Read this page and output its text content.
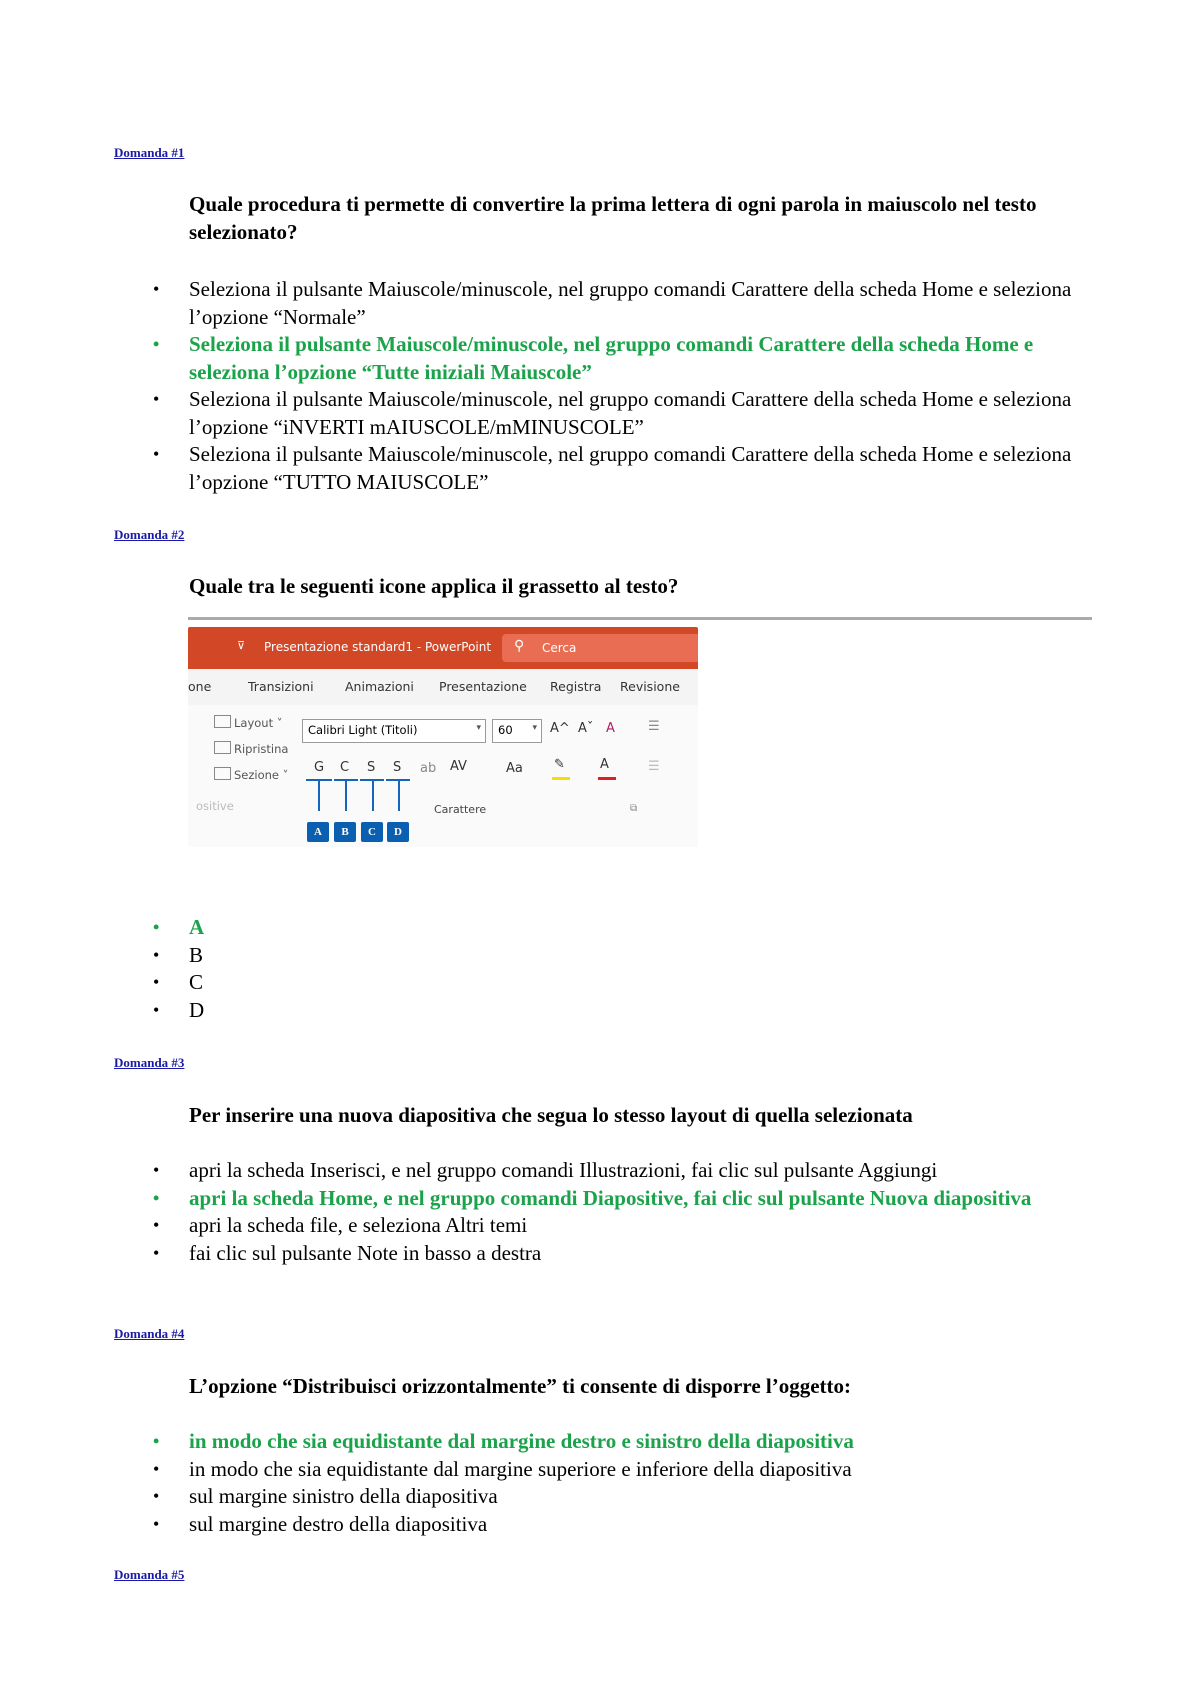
Domanda #1
Quale procedura ti permette di convertire la prima lettera di ogni parola in maiuscolo nel testo selezionato?
• Seleziona il pulsante Maiuscole/minuscole, nel gruppo comandi Carattere della scheda Home e seleziona l’opzione “Normale”
• Seleziona il pulsante Maiuscole/minuscole, nel gruppo comandi Carattere della scheda Home e seleziona l’opzione “Tutte iniziali Maiuscole”
• Seleziona il pulsante Maiuscole/minuscole, nel gruppo comandi Carattere della scheda Home e seleziona l’opzione “iNVERTI mAIUSCOLE/mMINUSCOLE”
• Seleziona il pulsante Maiuscole/minuscole, nel gruppo comandi Carattere della scheda Home e seleziona l’opzione “TUTTO MAIUSCOLE”
Domanda #2
Quale tra le seguenti icone applica il grassetto al testo?
⊽ Presentazione standard1 - PowerPoint ⚲ Cerca
one	Transizioni	Animazioni Presentazione Registra Revisione
Layout ˅
Ripristina
Sezione ˅
ositive
Calibri Light (Titoli)	▾ 60 ▾ A^ Aˇ A	☰
☰
G C S S ab AV	Aa ✎	A
Carattere	⧉
A	B	C	D
• A
• B
• C
• D
Domanda #3
Per inserire una nuova diapositiva che segua lo stesso layout di quella selezionata
• apri la scheda Inserisci, e nel gruppo comandi Illustrazioni, fai clic sul pulsante Aggiungi
• apri la scheda Home, e nel gruppo comandi Diapositive, fai clic sul pulsante Nuova diapositiva
• apri la scheda file, e seleziona Altri temi
• fai clic sul pulsante Note in basso a destra
Domanda #4
L’opzione “Distribuisci orizzontalmente” ti consente di disporre l’oggetto:
• in modo che sia equidistante dal margine destro e sinistro della diapositiva
• in modo che sia equidistante dal margine superiore e inferiore della diapositiva
• sul margine sinistro della diapositiva
• sul margine destro della diapositiva
Domanda #5
